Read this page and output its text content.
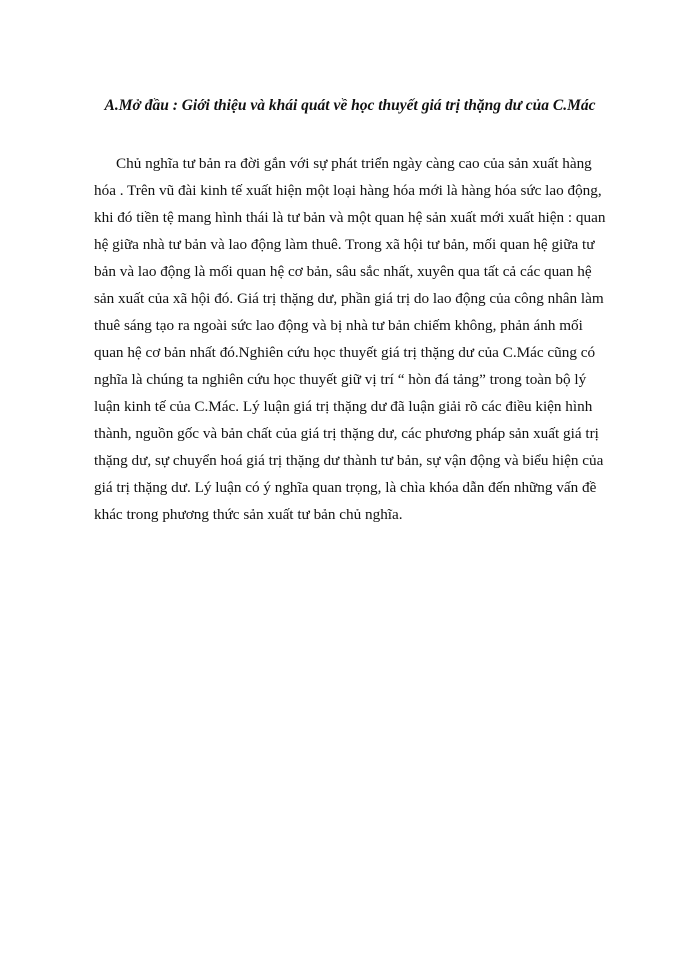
A.Mở đầu : Giới thiệu và khái quát về học thuyết giá trị thặng dư của C.Mác
Chủ nghĩa tư bản ra đời gắn với sự phát triển ngày càng cao của sản xuất hàng
hóa . Trên vũ đài kinh tế xuất hiện một loại hàng hóa mới là hàng hóa sức lao động,
khi đó tiền tệ mang hình thái là tư bản và một quan hệ sản xuất mới xuất hiện : quan
hệ giữa nhà tư bản và lao động làm thuê. Trong xã hội tư bản, mối quan hệ giữa tư
bản và lao động là mối quan hệ cơ bản, sâu sắc nhất, xuyên qua tất cả các quan hệ
sản xuất của xã hội đó. Giá trị thặng dư, phần giá trị do lao động của công nhân làm
thuê sáng tạo ra ngoài sức lao động và bị nhà tư bản chiếm không, phản ánh mối
quan hệ cơ bản nhất đó.Nghiên cứu học thuyết giá trị thặng dư của C.Mác cũng có
nghĩa là chúng ta nghiên cứu học thuyết giữ vị trí “ hòn đá tảng” trong toàn bộ lý
luận kinh tế của C.Mác. Lý luận giá trị thặng dư đã luận giải rõ các điều kiện hình
thành, nguồn gốc và bản chất của giá trị thặng dư, các phương pháp sản xuất giá trị
thặng dư, sự chuyển hoá giá trị thặng dư thành tư bản, sự vận động và biểu hiện của
giá trị thặng dư. Lý luận có ý nghĩa quan trọng, là chìa khóa dẫn đến những vấn đề
khác trong phương thức sản xuất tư bản chủ nghĩa.
